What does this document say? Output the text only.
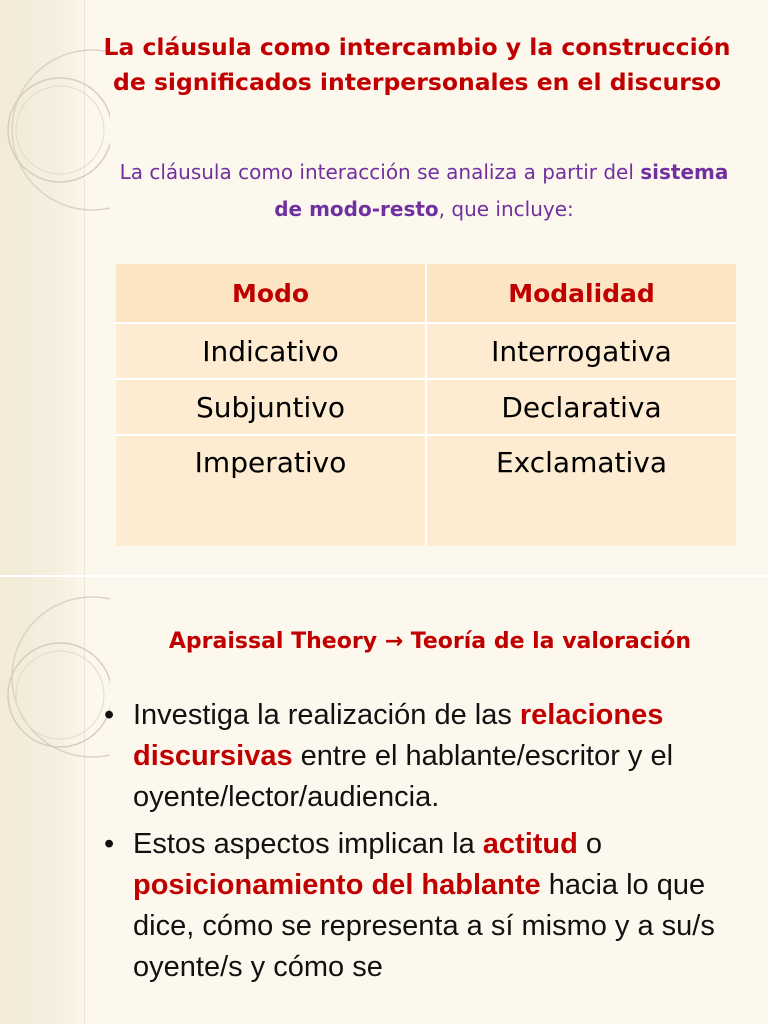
La cláusula como intercambio y la construcción de significados interpersonales en el discurso

La cláusula como interacción se analiza a partir del sistema de modo-resto, que incluye:

Modo	Modalidad
Indicativo	Interrogativa
Subjuntivo	Declarativa
Imperativo	Exclamativa
Apraissal Theory → Teoría de la valoración
• Investiga la realización de las relaciones discursivas entre el hablante/escritor y el oyente/lector/audiencia.
• Estos aspectos implican la actitud o posicionamiento del hablante hacia lo que dice, cómo se representa a sí mismo y a su/s oyente/s y cómo se
